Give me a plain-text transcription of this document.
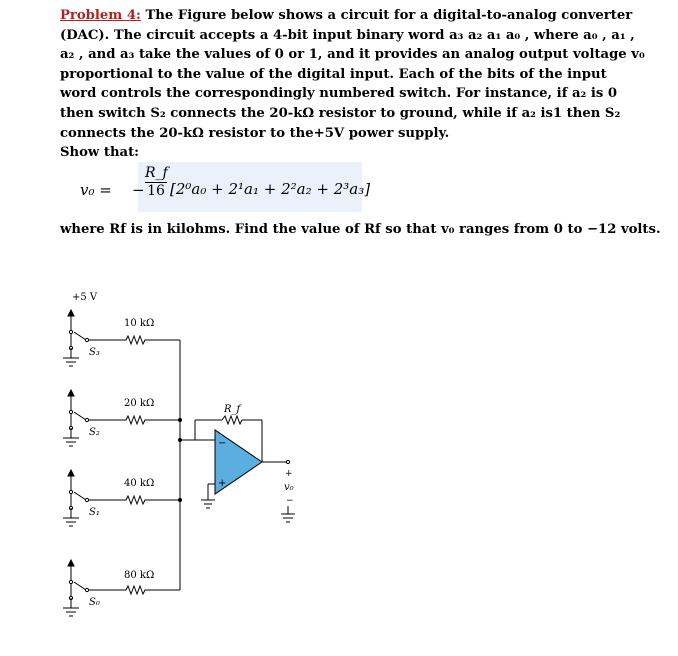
Problem 4: The Figure below shows a circuit for a digital-to-analog converter (DAC). The circuit accepts a 4-bit input binary word a₃ a₂ a₁ a₀ , where a₀ , a₁ , a₂ , and a₃ take the values of 0 or 1, and it provides an analog output voltage v₀ proportional to the value of the digital input. Each of the bits of the input word controls the correspondingly numbered switch. For instance, if a₂ is 0 then switch S₂ connects the 20-kΩ resistor to ground, while if a₂ is1 then S₂ connects the 20-kΩ resistor to the+5V power supply.

Show that:

v₀ = − $\frac{R\_f}{16} [2^0a_0 + 2^1a_1 + 2^2a_2 + 2^3a_3]$
where Rf is in kilohms. Find the value of Rf so that v₀ ranges from 0 to −12 volts.
+5 V
S₃
10 kΩ
S₂
20 kΩ
S₁
40 kΩ
S₀
80 kΩ
R_f
−
+
+
v₀
−
